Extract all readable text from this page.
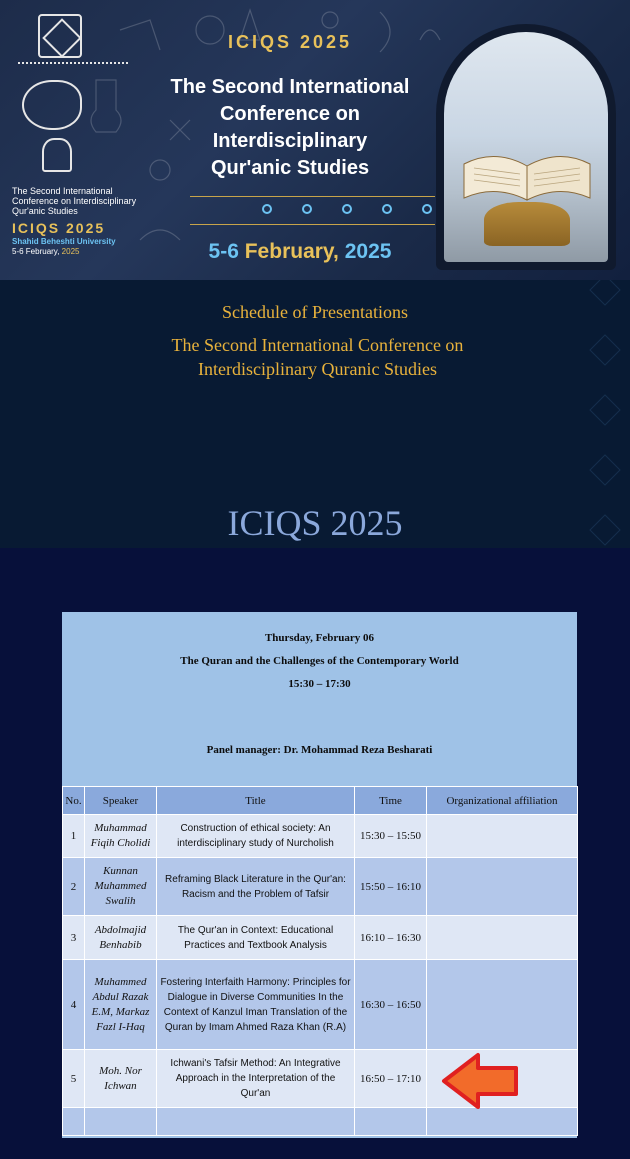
The Second International Conference on Interdisciplinary Qur'anic Studies
ICIQS 2025
Shahid Beheshti University
5-6 February, 2025
ICIQS 2025
The Second International
Conference on
Interdisciplinary
Qur'anic Studies
5-6 February, 2025
Schedule of Presentations
The Second International Conference on Interdisciplinary Quranic Studies
ICIQS 2025
Thursday, February 06
The Quran and the Challenges of the Contemporary World
15:30 – 17:30
Panel manager: Dr. Mohammad Reza Besharati
No.	Speaker	Title	Time	Organizational affiliation
1	Muhammad Fiqih Cholidi	Construction of ethical society: An interdisciplinary study of Nurcholish	15:30 – 15:50	
2	Kunnan Muhammed Swalih	Reframing Black Literature in the Qur'an: Racism and the Problem of Tafsir	15:50 – 16:10	
3	Abdolmajid Benhabib	The Qur'an in Context: Educational Practices and Textbook Analysis	16:10 – 16:30	
4	Muhammed Abdul Razak E.M, Markaz Fazl I-Haq	Fostering Interfaith Harmony: Principles for Dialogue in Diverse Communities In the Context of Kanzul Iman Translation of the Quran by Imam Ahmed Raza Khan (R.A)	16:30 – 16:50	
5	Moh. Nor Ichwan	Ichwani's Tafsir Method: An Integrative Approach in the Interpretation of the Qur'an	16:50 – 17:10	
